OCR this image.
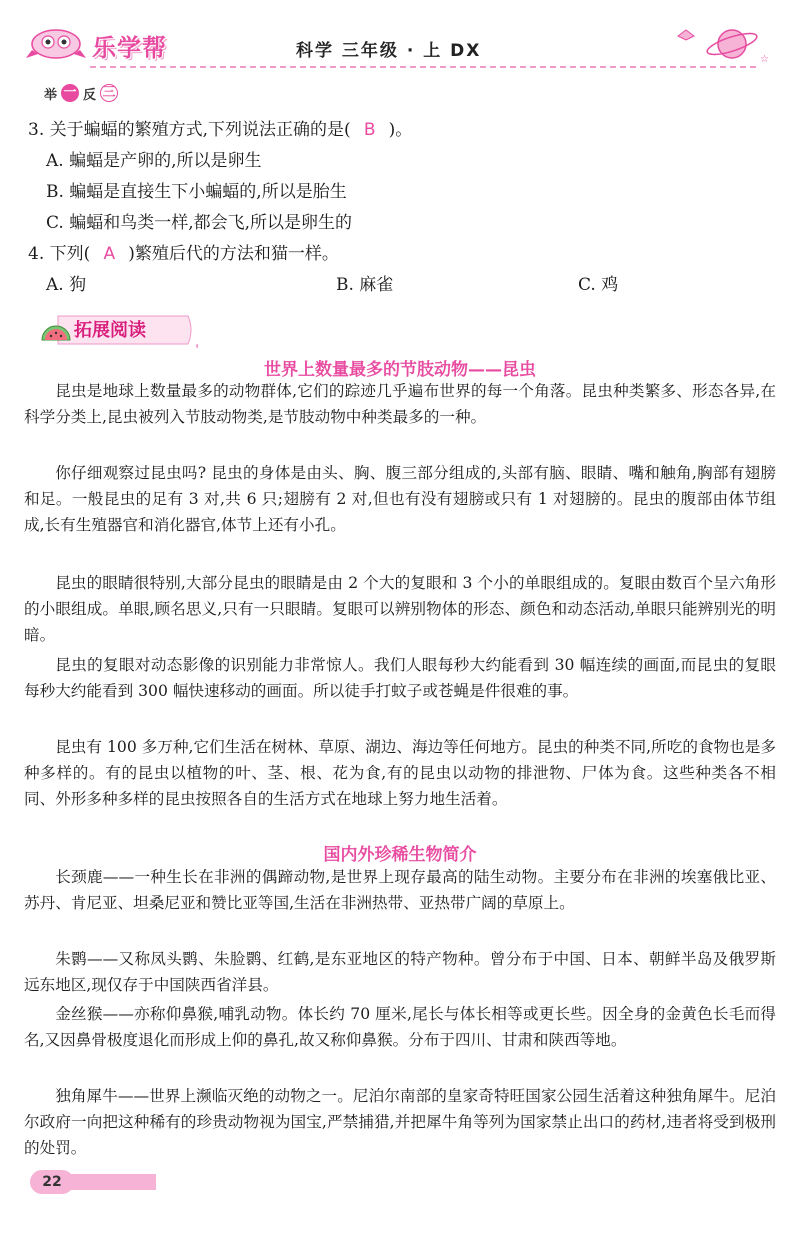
乐学帮	科学 三年级 · 上 DX	☆
举 一 反 三
3. 关于蝙蝠的繁殖方式,下列说法正确的是( B )。
A. 蝙蝠是产卵的,所以是卵生
B. 蝙蝠是直接生下小蝙蝠的,所以是胎生
C. 蝙蝠和鸟类一样,都会飞,所以是卵生的
4. 下列( A )繁殖后代的方法和猫一样。
A. 狗	B. 麻雀	C. 鸡
拓展阅读
世界上数量最多的节肢动物——昆虫

昆虫是地球上数量最多的动物群体,它们的踪迹几乎遍布世界的每一个角落。昆虫种类繁多、形态各异,在科学分类上,昆虫被列入节肢动物类,是节肢动物中种类最多的一种。

你仔细观察过昆虫吗? 昆虫的身体是由头、胸、腹三部分组成的,头部有脑、眼睛、嘴和触角,胸部有翅膀和足。一般昆虫的足有 3 对,共 6 只;翅膀有 2 对,但也有没有翅膀或只有 1 对翅膀的。昆虫的腹部由体节组成,长有生殖器官和消化器官,体节上还有小孔。

昆虫的眼睛很特别,大部分昆虫的眼睛是由 2 个大的复眼和 3 个小的单眼组成的。复眼由数百个呈六角形的小眼组成。单眼,顾名思义,只有一只眼睛。复眼可以辨别物体的形态、颜色和动态活动,单眼只能辨别光的明暗。

昆虫的复眼对动态影像的识别能力非常惊人。我们人眼每秒大约能看到 30 幅连续的画面,而昆虫的复眼每秒大约能看到 300 幅快速移动的画面。所以徒手打蚊子或苍蝇是件很难的事。

昆虫有 100 多万种,它们生活在树林、草原、湖边、海边等任何地方。昆虫的种类不同,所吃的食物也是多种多样的。有的昆虫以植物的叶、茎、根、花为食,有的昆虫以动物的排泄物、尸体为食。这些种类各不相同、外形多种多样的昆虫按照各自的生活方式在地球上努力地生活着。

国内外珍稀生物简介

长颈鹿——一种生长在非洲的偶蹄动物,是世界上现存最高的陆生动物。主要分布在非洲的埃塞俄比亚、苏丹、肯尼亚、坦桑尼亚和赞比亚等国,生活在非洲热带、亚热带广阔的草原上。

朱鹮——又称凤头鹮、朱脸鹮、红鹤,是东亚地区的特产物种。曾分布于中国、日本、朝鲜半岛及俄罗斯远东地区,现仅存于中国陕西省洋县。

金丝猴——亦称仰鼻猴,哺乳动物。体长约 70 厘米,尾长与体长相等或更长些。因全身的金黄色长毛而得名,又因鼻骨极度退化而形成上仰的鼻孔,故又称仰鼻猴。分布于四川、甘肃和陕西等地。

独角犀牛——世界上濒临灭绝的动物之一。尼泊尔南部的皇家奇特旺国家公园生活着这种独角犀牛。尼泊尔政府一向把这种稀有的珍贵动物视为国宝,严禁捕猎,并把犀牛角等列为国家禁止出口的药材,违者将受到极刑的处罚。

22
